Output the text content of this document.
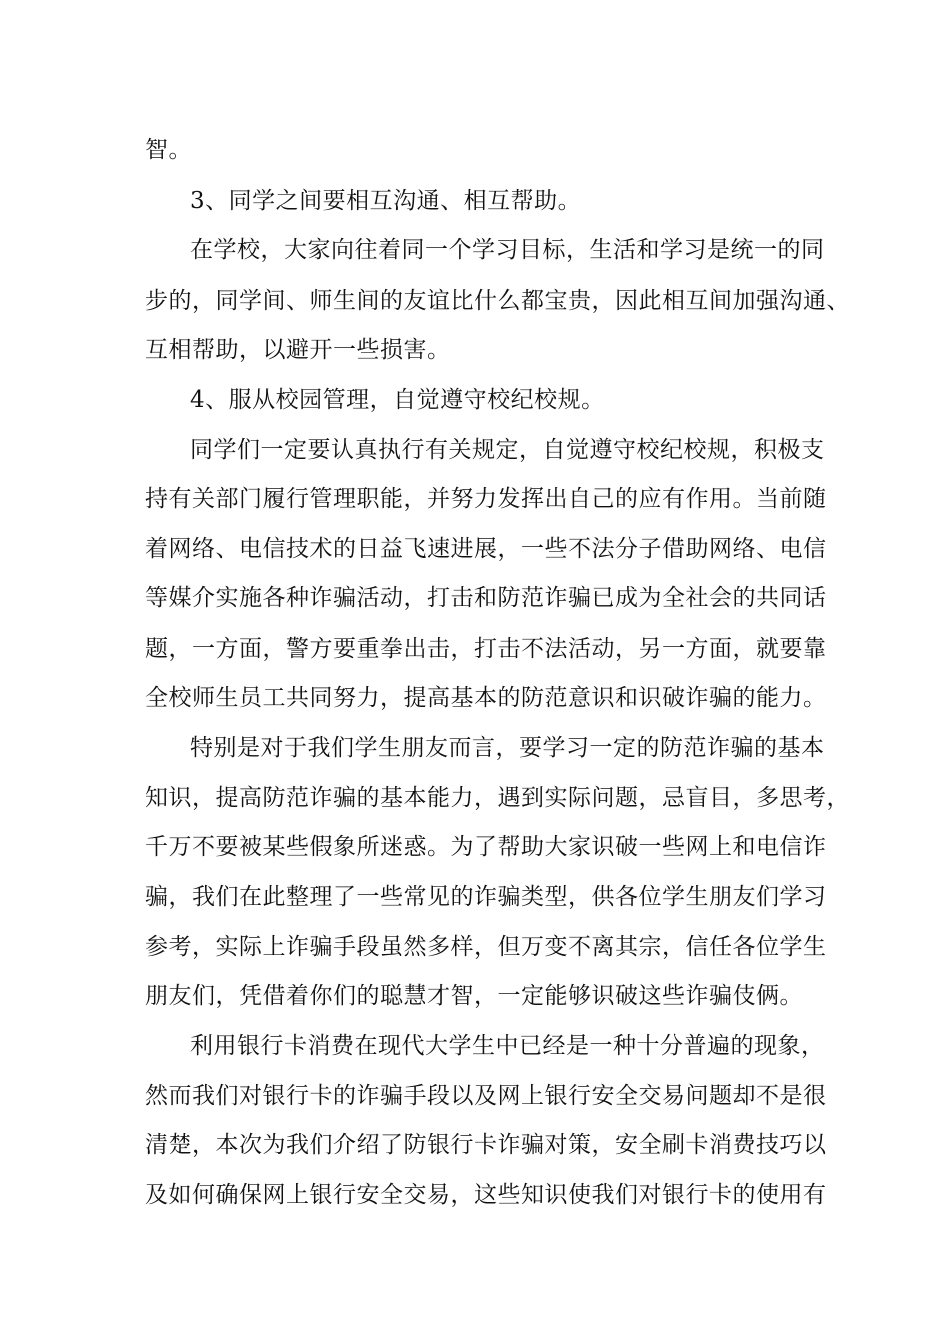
智。

3、同学之间要相互沟通、相互帮助。

在学校，大家向往着同一个学习目标，生活和学习是统一的同

步的，同学间、师生间的友谊比什么都宝贵，因此相互间加强沟通、

互相帮助，以避开一些损害。

4、服从校园管理，自觉遵守校纪校规。

同学们一定要认真执行有关规定，自觉遵守校纪校规，积极支

持有关部门履行管理职能，并努力发挥出自己的应有作用。当前随

着网络、电信技术的日益飞速进展，一些不法分子借助网络、电信

等媒介实施各种诈骗活动，打击和防范诈骗已成为全社会的共同话

题，一方面，警方要重拳出击，打击不法活动，另一方面，就要靠

全校师生员工共同努力，提高基本的防范意识和识破诈骗的能力。

特别是对于我们学生朋友而言，要学习一定的防范诈骗的基本

知识，提高防范诈骗的基本能力，遇到实际问题，忌盲目，多思考，

千万不要被某些假象所迷惑。为了帮助大家识破一些网上和电信诈

骗，我们在此整理了一些常见的诈骗类型，供各位学生朋友们学习

参考，实际上诈骗手段虽然多样，但万变不离其宗，信任各位学生

朋友们，凭借着你们的聪慧才智，一定能够识破这些诈骗伎俩。

利用银行卡消费在现代大学生中已经是一种十分普遍的现象，

然而我们对银行卡的诈骗手段以及网上银行安全交易问题却不是很

清楚，本次为我们介绍了防银行卡诈骗对策，安全刷卡消费技巧以

及如何确保网上银行安全交易，这些知识使我们对银行卡的使用有
